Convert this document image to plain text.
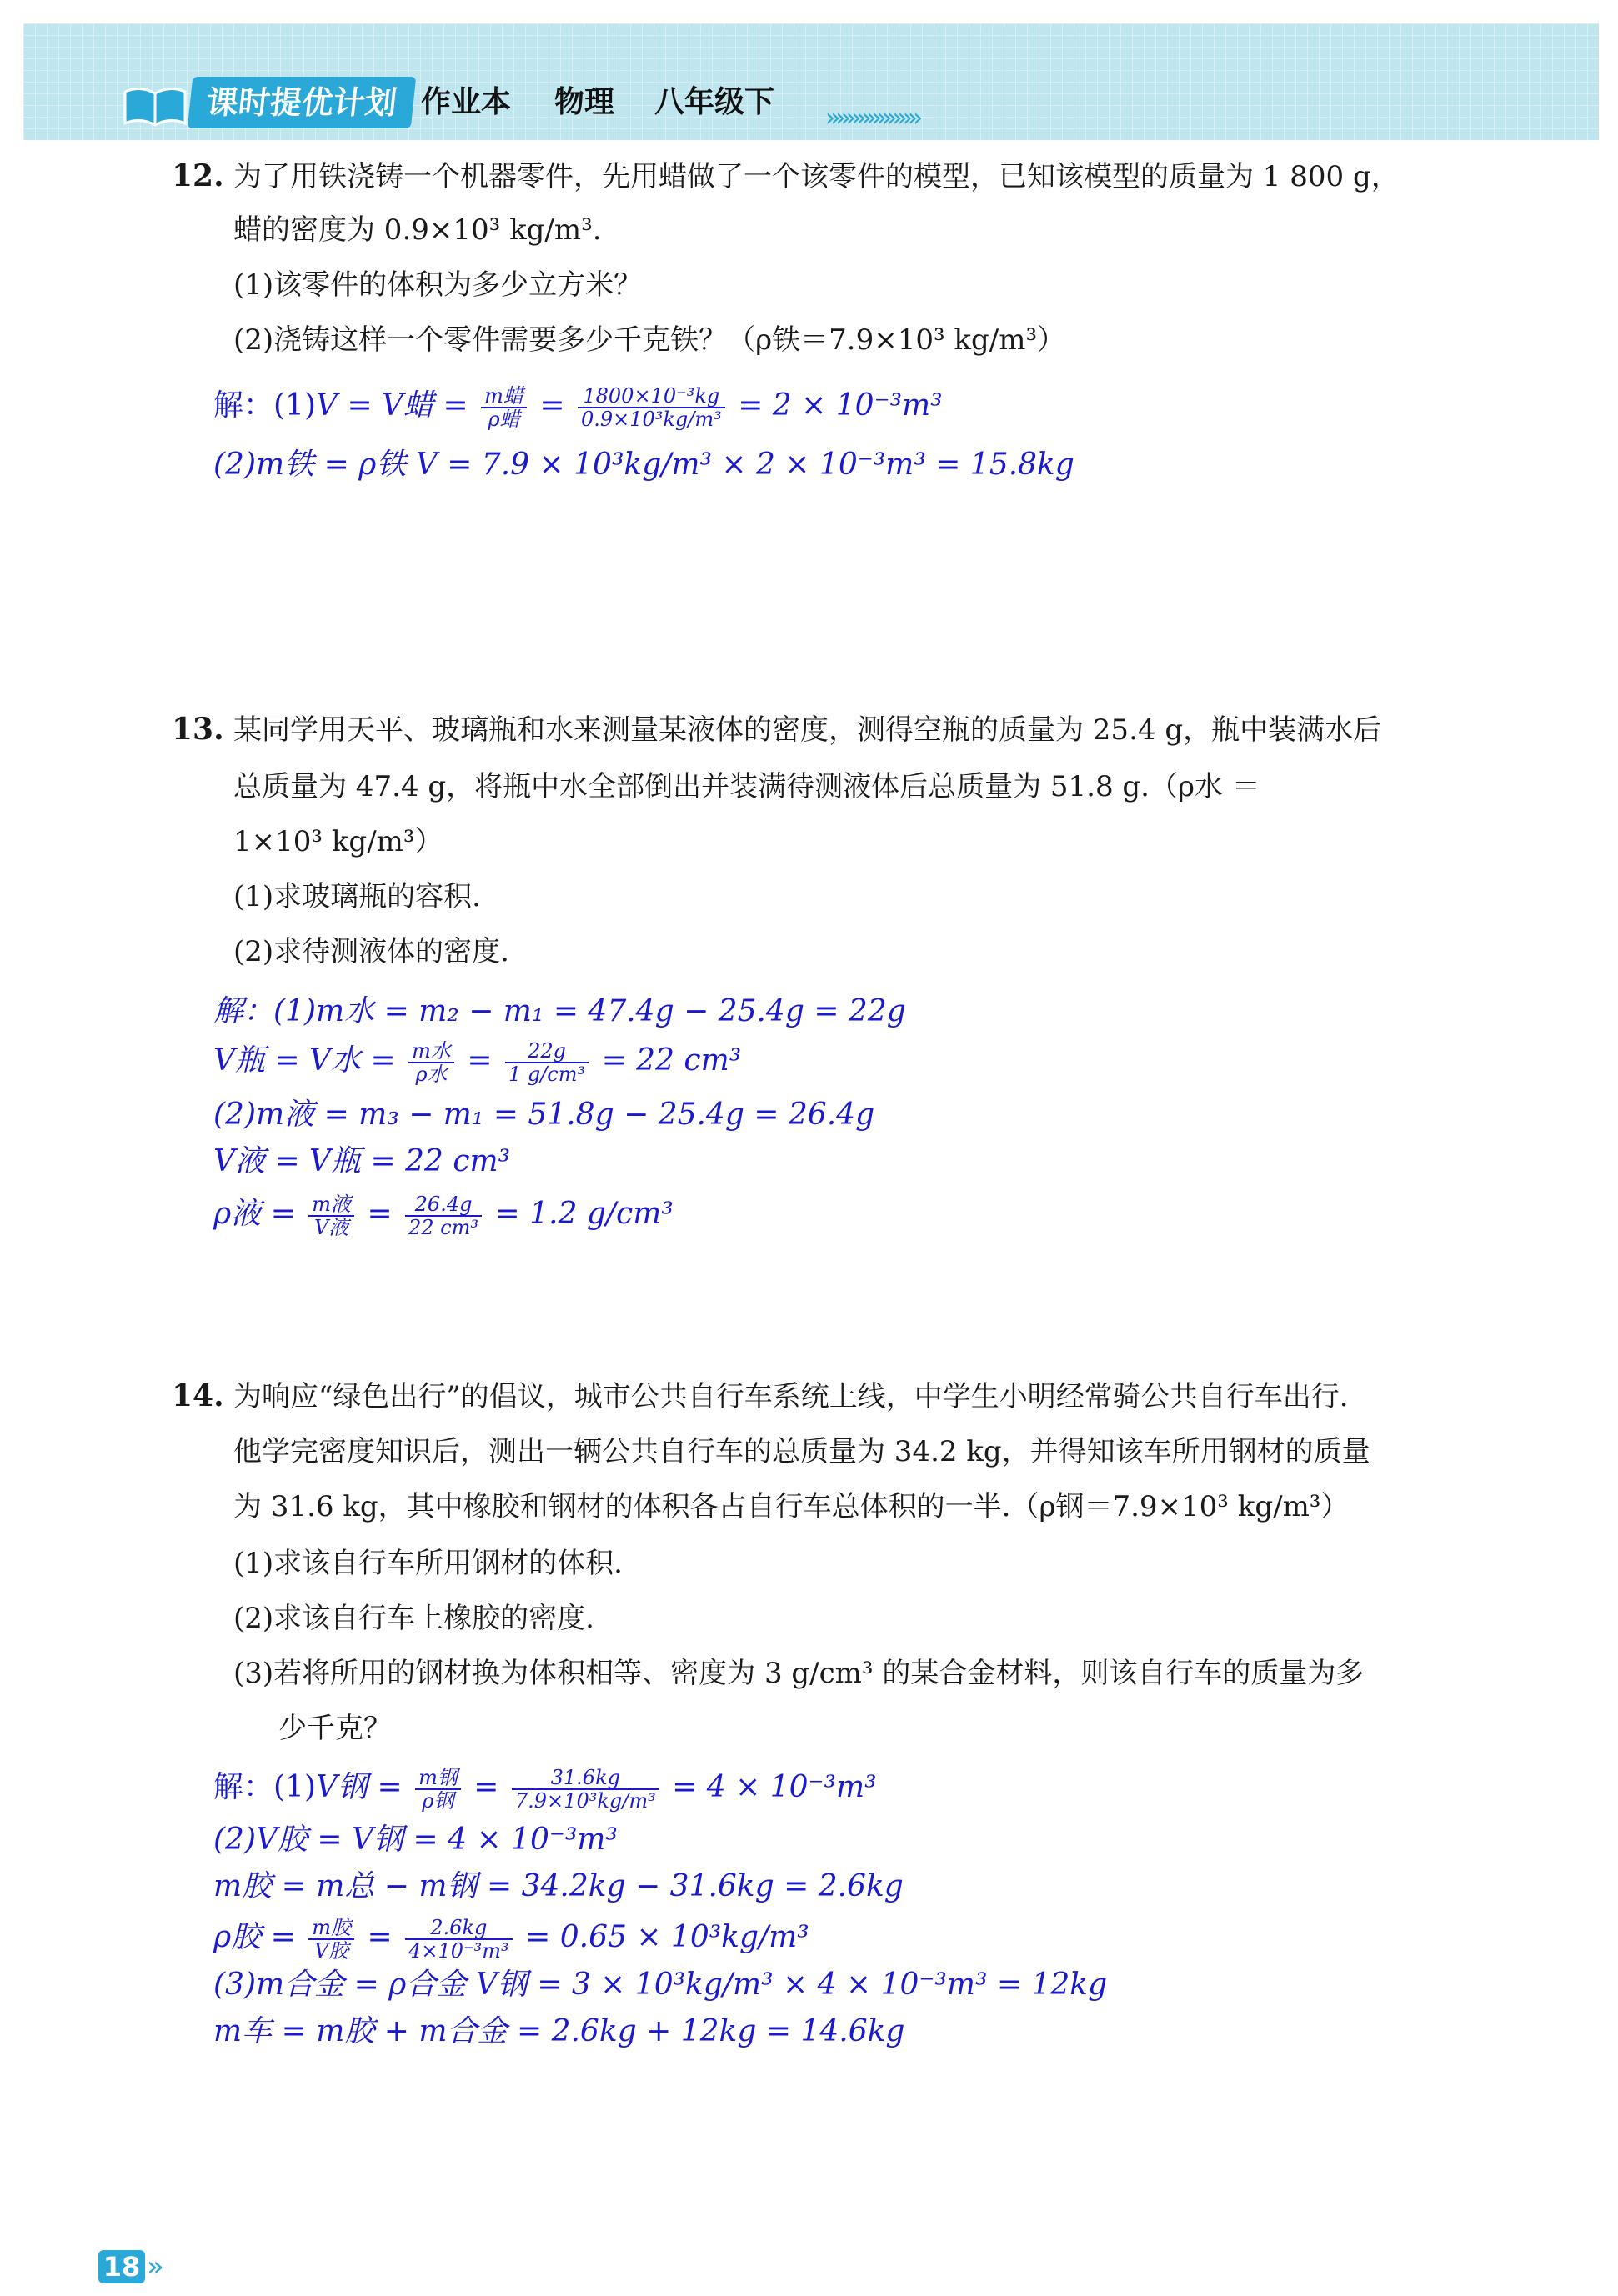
课时提优计划 作业本 物理 八年级下 »»»»»»»»»
12. 为了用铁浇铸一个机器零件，先用蜡做了一个该零件的模型，已知该模型的质量为 1 800 g，
蜡的密度为 0.9×10³ kg/m³.
(1)该零件的体积为多少立方米？
(2)浇铸这样一个零件需要多少千克铁？（ρ铁＝7.9×10³ kg/m³）
解：(1)V = V蜡 = $\frac{\text{m蜡}}{\text{ρ蜡}} = \frac{\text{1800×10⁻³kg}}{\text{0.9×10³kg/m³}} = 2 \times 10^{-3}m^3$
(2)m铁 = ρ铁 V = 7.9 × 10³kg/m³ × 2 × 10⁻³m³ = 15.8kg
13. 某同学用天平、玻璃瓶和水来测量某液体的密度，测得空瓶的质量为 25.4 g，瓶中装满水后
总质量为 47.4 g，将瓶中水全部倒出并装满待测液体后总质量为 51.8 g.（ρ水 ＝
1×10³ kg/m³）
(1)求玻璃瓶的容积.
(2)求待测液体的密度.
解：(1)m水 = m₂ − m₁ = 47.4g − 25.4g = 22g
V瓶 = V水 = $\frac{\text{m水}}{\text{ρ水}} = \frac{22g}{\text{1 g/cm³}} = 22$ cm³
(2)m液 = m₃ − m₁ = 51.8g − 25.4g = 26.4g
V液 = V瓶 = 22 cm³
ρ液 = $\frac{\text{m液}}{\text{V液}} = \frac{26.4g}{\text{22 cm³}} = 1.2$ g/cm³
14. 为响应“绿色出行”的倡议，城市公共自行车系统上线，中学生小明经常骑公共自行车出行.
他学完密度知识后，测出一辆公共自行车的总质量为 34.2 kg，并得知该车所用钢材的质量
为 31.6 kg，其中橡胶和钢材的体积各占自行车总体积的一半.（ρ钢＝7.9×10³ kg/m³）
(1)求该自行车所用钢材的体积.
(2)求该自行车上橡胶的密度.
(3)若将所用的钢材换为体积相等、密度为 3 g/cm³ 的某合金材料，则该自行车的质量为多
少千克？
解：(1)V钢 = $\frac{\text{m钢}}{\text{ρ钢}} = \frac{31.6kg}{\text{7.9×10³kg/m³}} = 4 \times 10^{-3}m^3$
(2)V胶 = V钢 = 4 × 10⁻³m³
m胶 = m总 − m钢 = 34.2kg − 31.6kg = 2.6kg
ρ胶 = $\frac{\text{m胶}}{\text{V胶}} = \frac{2.6kg}{\text{4×10⁻³m³}} = 0.65 \times 10^3kg/m^3$
(3)m合金 = ρ合金 V钢 = 3 × 10³kg/m³ × 4 × 10⁻³m³ = 12kg
m车 = m胶 + m合金 = 2.6kg + 12kg = 14.6kg
18 »
